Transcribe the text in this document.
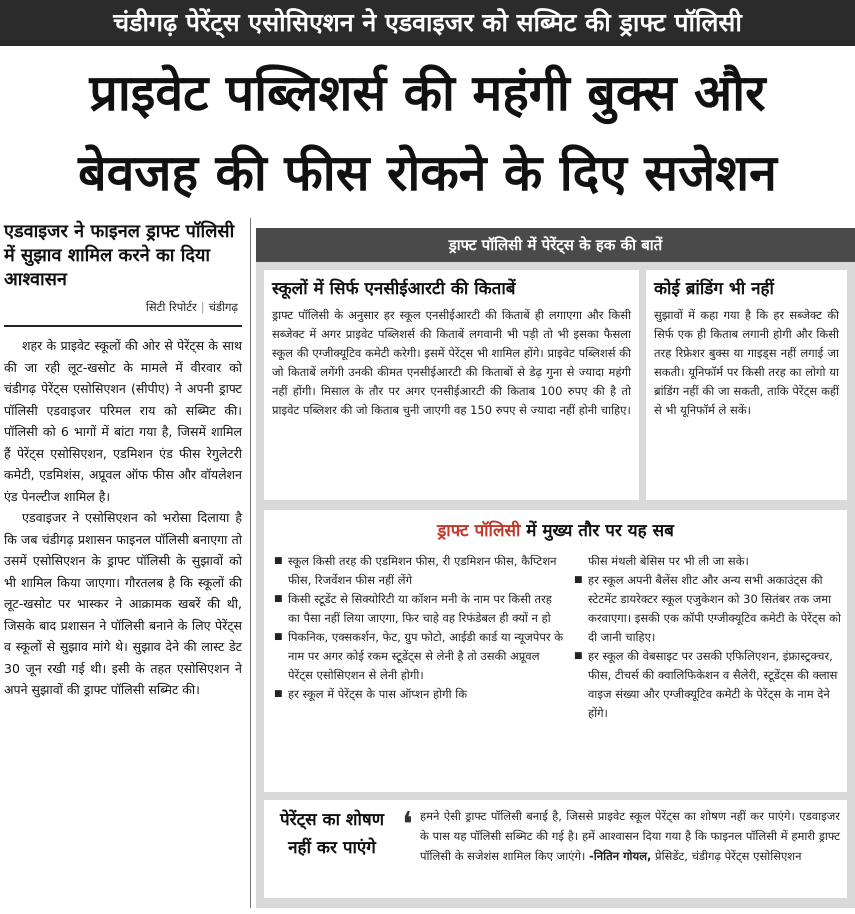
चंडीगढ़ पेरेंट्स एसोसिएशन ने एडवाइजर को सब्मिट की ड्राफ्ट पॉलिसी
प्राइवेट पब्लिशर्स की महंगी बुक्स और
बेवजह की फीस रोकने के दिए सजेशन
एडवाइजर ने फाइनल ड्राफ्ट पॉलिसी में सुझाव शामिल करने का दिया आश्वासन
सिटी रिपोर्टर | चंडीगढ़

शहर के प्राइवेट स्कूलों की ओर से पेरेंट्स के साथ की जा रही लूट-खसोट के मामले में वीरवार को चंडीगढ़ पेरेंट्स एसोसिएशन (सीपीए) ने अपनी ड्राफ्ट पॉलिसी एडवाइजर परिमल राय को सब्मिट की। पॉलिसी को 6 भागों में बांटा गया है, जिसमें शामिल हैं पेरेंट्स एसोसिएशन, एडमिशन एंड फीस रेगुलेटरी कमेटी, एडमिशंस, अप्रूवल ऑफ फीस और वॉयलेशन एंड पेनल्टीज शामिल है।

एडवाइजर ने एसोसिएशन को भरोसा दिलाया है कि जब चंडीगढ़ प्रशासन फाइनल पॉलिसी बनाएगा तो उसमें एसोसिएशन के ड्राफ्ट पॉलिसी के सुझावों को भी शामिल किया जाएगा। गौरतलब है कि स्कूलों की लूट-खसोट पर भास्कर ने आक्रामक खबरें की थी, जिसके बाद प्रशासन ने पॉलिसी बनाने के लिए पेरेंट्स व स्कूलों से सुझाव मांगे थे। सुझाव देने की लास्ट डेट 30 जून रखी गई थी। इसी के तहत एसोसिएशन ने अपने सुझावों की ड्राफ्ट पॉलिसी सब्मिट की।

ड्राफ्ट पॉलिसी में पेरेंट्स के हक की बातें
स्कूलों में सिर्फ एनसीईआरटी की किताबें
ड्राफ्ट पॉलिसी के अनुसार हर स्कूल एनसीईआरटी की किताबें ही लगाएगा और किसी सब्जेक्ट में अगर प्राइवेट पब्लिशर्स की किताबें लगवानी भी पड़ी तो भी इसका फैसला स्कूल की एग्जीक्यूटिव कमेटी करेगी। इसमें पेरेंट्स भी शामिल होंगे। प्राइवेट पब्लिशर्स की जो किताबें लगेंगी उनकी कीमत एनसीईआरटी की किताबों से डेढ़ गुना से ज्यादा महंगी नहीं होंगी। मिसाल के तौर पर अगर एनसीईआरटी की किताब 100 रुपए की है तो प्राइवेट पब्लिशर की जो किताब चुनी जाएगी वह 150 रुपए से ज्यादा नहीं होनी चाहिए।
कोई ब्रांडिंग भी नहीं
सुझावों में कहा गया है कि हर सब्जेक्ट की सिर्फ एक ही किताब लगानी होगी और किसी तरह रिफ्रेशर बुक्स या गाइड्स नहीं लगाई जा सकती। यूनिफॉर्म पर किसी तरह का लोगो या ब्रांडिंग नहीं की जा सकती, ताकि पेरेंट्स कहीं से भी यूनिफॉर्म ले सकें।
ड्राफ्ट पॉलिसी में मुख्य तौर पर यह सब
■ स्कूल किसी तरह की एडमिशन फीस, री एडमिशन फीस, कैप्टिशन फीस, रिजर्वेशन फीस नहीं लेंगे
■ किसी स्टूडेंट से सिक्योरिटी या कॉशन मनी के नाम पर किसी तरह का पैसा नहीं लिया जाएगा, फिर चाहे वह रिफंडेबल ही क्यों न हो
■ पिकनिक, एक्सकर्शन, फेट, ग्रुप फोटो, आईडी कार्ड या न्यूजपेपर के नाम पर अगर कोई रकम स्टूडेंट्स से लेनी है तो उसकी अप्रूवल पेरेंट्स एसोसिएशन से लेनी होगी।
■ हर स्कूल में पेरेंट्स के पास ऑप्शन होगी कि
फीस मंथली बेसिस पर भी ली जा सके।
■ हर स्कूल अपनी बैलेंस शीट और अन्य सभी अकाउंट्स की स्टेटमेंट डायरेक्टर स्कूल एजुकेशन को 30 सितंबर तक जमा करवाएगा। इसकी एक कॉपी एग्जीक्यूटिव कमेटी के पेरेंट्स को दी जानी चाहिए।
■ हर स्कूल की वेबसाइट पर उसकी एफिलिएशन, इंफ्रास्ट्रक्चर, फीस, टीचर्स की क्वालिफिकेशन व सैलेरी, स्टूडेंट्स की क्लास वाइज संख्या और एग्जीक्यूटिव कमेटी के पेरेंट्स के नाम देने होंगे।
पेरेंट्स का शोषण नहीं कर पाएंगे
❛ हमने ऐसी ड्राफ्ट पॉलिसी बनाई है, जिससे प्राइवेट स्कूल पेरेंट्स का शोषण नहीं कर पाएंगे। एडवाइजर के पास यह पॉलिसी सब्मिट की गई है। हमें आश्वासन दिया गया है कि फाइनल पॉलिसी में हमारी ड्राफ्ट पॉलिसी के सजेशंस शामिल किए जाएंगे। -नितिन गोयल, प्रेसिडेंट, चंडीगढ़ पेरेंट्स एसोसिएशन
